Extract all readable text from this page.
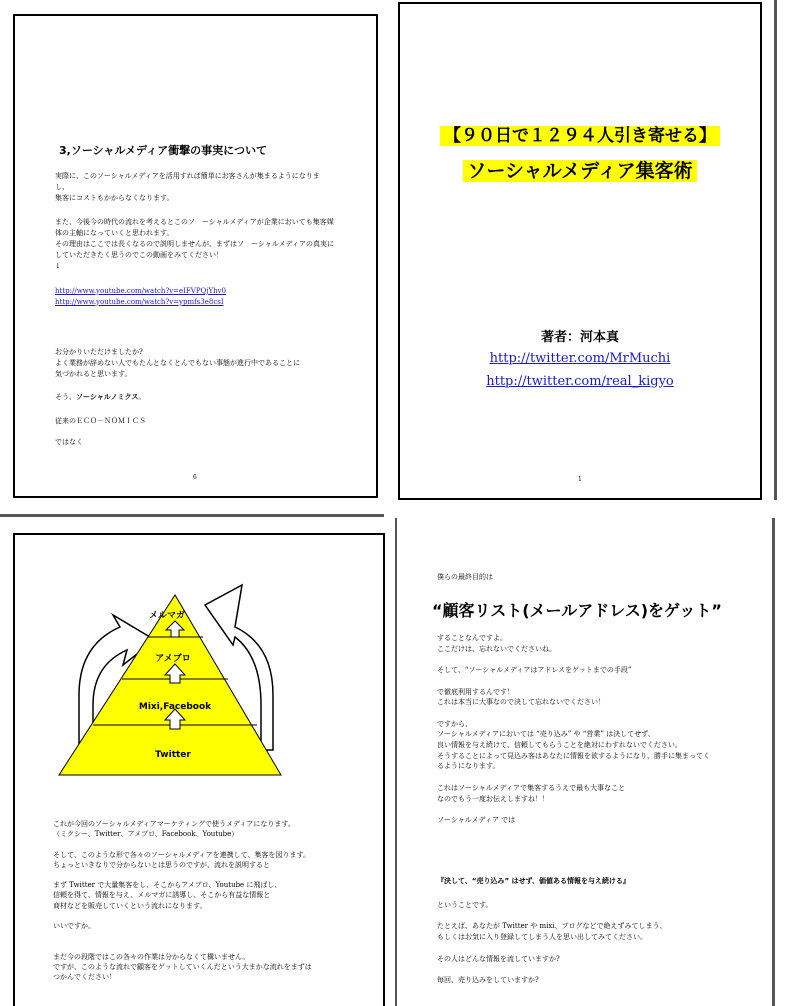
3,ソーシャルメディア衝撃の事実について

実際に、このソーシャルメディアを活用すれば簡単にお客さんが集まるようになりま

し、

集客にコストもかからなくなります。

また、今後今の時代の流れを考えるとこのソ　ーシャルメディアが企業においても集客媒

体の主軸になっていくと思われます。

その理由はここでは長くなるので説明しませんが、まずはソ　ーシャルメディアの真実に

していただきたく思うのでこの動画をみてください！

↓

http://www.youtube.com/watch?v=eIFVPQjYhv0

http://www.youtube.com/watch?v=ypmfs3e8csI

お分かりいただけましたか?

よく業務が辞めない人でもたんとなくとんでもない事態が進行中であることに

気づかれると思います。

そう、ソーシャルノミクス。
従来のＥＣＯ－ＮＯＭＩＣＳ
ではなく
6
【９０日で１２９４人引き寄せる】
ソーシャルメディア集客術
著者：河本真
http://twitter.com/MrMuchi
http://twitter.com/real_kigyo
1
メルマガ
アメブロ
Mixi,Facebook
Twitter

これが今回のソーシャルメディアマーケティングで使うメディアになります。

（ミクシー、Twitter、アメブロ、Facebook、Youtube）

そして、このような形で各々のソーシャルメディアを連携して、集客を図ります。

ちょっといきなりで分からないとは思うのですが、流れを説明すると

まず Twitter で大量集客をし、そこからアメブロ、Youtube に飛ばし、

信頼を得て、情報を与え、メルマガに誘導し、そこから有益な情報と

商材などを販売していくという流れになります。

いいですか。

まだ今の段階ではこの各々の作業は分からなくて構いません。

ですが、このような流れで顧客をゲットしていくんだという大まかな流れをまずは

つかんでください！

僕らの最終目的は
“顧客リスト(メールアドレス)をゲット”

することなんですよ。

ここだけは、忘れないでくださいね。

そして、“ソーシャルメディアはアドレスをゲットまでの手段”

で徹底利用するんです！

これは本当に大事なので決して忘れないでください！

ですから、

ソーシャルメディアにおいては “売り込み” や “営業” は決してせず、

良い情報を与え続けて、信頼してもらうことを絶対にわすれないでください。

そうすることによって見込み客はあなたに情報を欲するようになり、勝手に集まってく

るようになります。

これはソーシャルメディアで集客するうえで最も大事なこと

なのでもう一度お伝えしますね！！

ソーシャルメディア では

『決して、“売り込み” はせず、価値ある情報を与え続ける』

ということです。

たとえば、あなたが Twitter や mixi、ブログなどで絶えずみてしまう、

もしくはお気に入り登録してしまう人を思い出してみてください。

その人はどんな情報を流していますか?

毎回、売り込みをしていますか?
